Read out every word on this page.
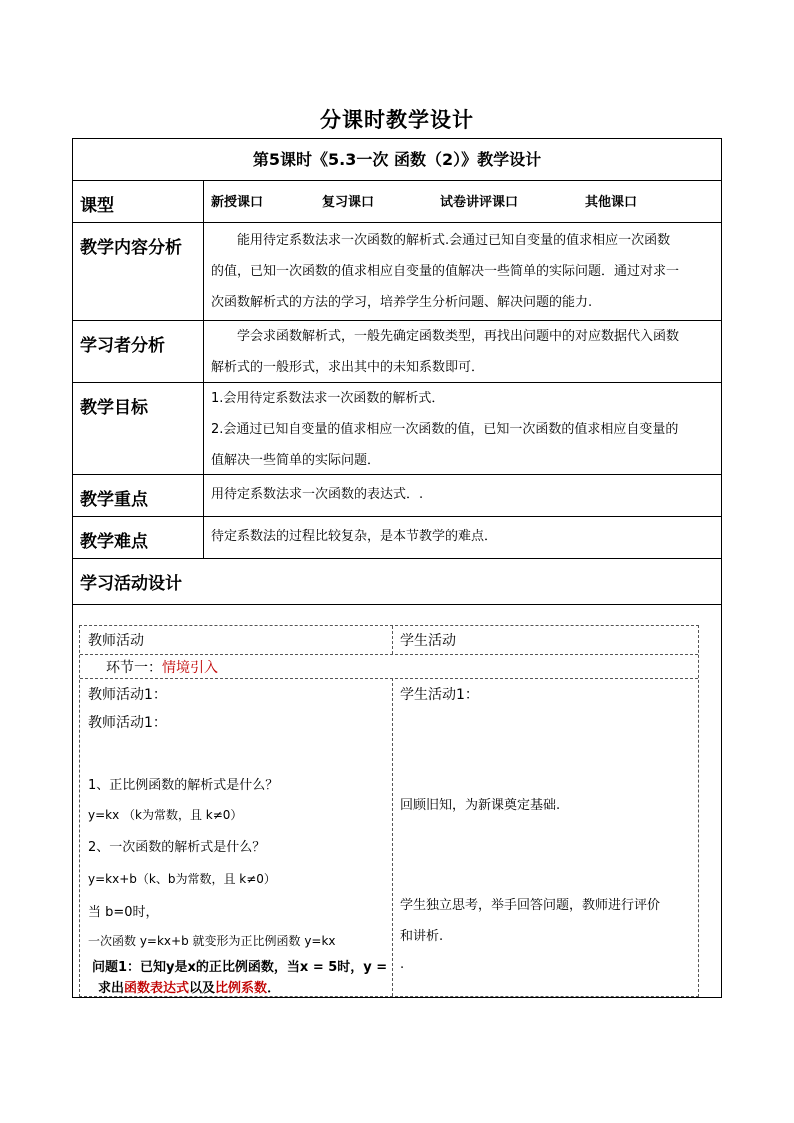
分课时教学设计
第5课时《5.3一次 函数（2）》教学设计
课型	新授课口	复习课口	试卷讲评课口	其他课口
教学内容分析	能用待定系数法求一次函数的解析式.会通过已知自变量的值求相应一次函数
的值，已知一次函数的值求相应自变量的值解决一些简单的实际问题．通过对求一
次函数解析式的方法的学习，培养学生分析问题、解决问题的能力.
学习者分析	学会求函数解析式，一般先确定函数类型，再找出问题中的对应数据代入函数
解析式的一般形式，求出其中的未知系数即可．
教学目标	1.会用待定系数法求一次函数的解析式．
2.会通过已知自变量的值求相应一次函数的值，已知一次函数的值求相应自变量的
值解决一些简单的实际问题．
教学重点	用待定系数法求一次函数的表达式．.
教学难点	待定系数法的过程比较复杂，是本节教学的难点．
学习活动设计
教师活动	学生活动
环节一：情境引入
教师活动1：
教师活动1：
1、正比例函数的解析式是什么？
y=kx （k为常数，且 k≠0）
2、一次函数的解析式是什么？
y=kx+b（k、b为常数，且 k≠0）
当 b=0时，
一次函数 y=kx+b 就变形为正比例函数 y=kx
问题1：已知y是x的正比例函数，当x = 5时，y =
求出函数表达式以及比例系数．
学生活动1：
回顾旧知，为新课奠定基础.
学生独立思考，举手回答问题，教师进行评价
和讲析.
.
